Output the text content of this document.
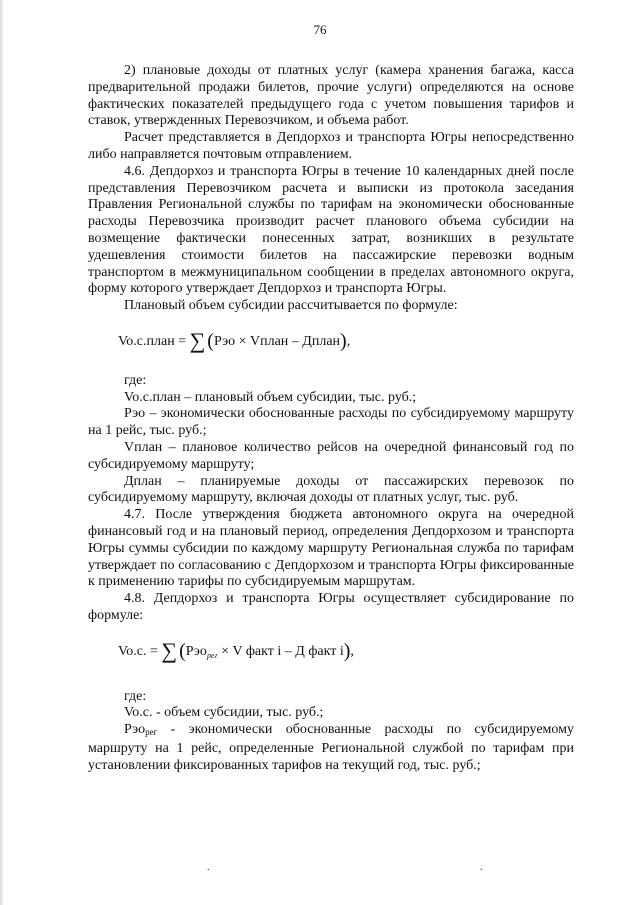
76

2) плановые доходы от платных услуг (камера хранения багажа, касса предварительной продажи билетов, прочие услуги) определяются на основе фактических показателей предыдущего года с учетом повышения тарифов и ставок, утвержденных Перевозчиком, и объема работ.

Расчет представляется в Депдорхоз и транспорта Югры непосредственно либо направляется почтовым отправлением.

4.6. Депдорхоз и транспорта Югры в течение 10 календарных дней после представления Перевозчиком расчета и выписки из протокола заседания Правления Региональной службы по тарифам на экономически обоснованные расходы Перевозчика производит расчет планового объема субсидии на возмещение фактически понесенных затрат, возникших в результате удешевления стоимости билетов на пассажирские перевозки водным транспортом в межмуниципальном сообщении в пределах автономного округа, форму которого утверждает Депдорхоз и транспорта Югры.

Плановый объем субсидии рассчитывается по формуле:

Vo.c.план = ∑ (Рэо × Vплан – Дплан),

где:

Vo.c.план – плановый объем субсидии, тыс. руб.;

Рэо – экономически обоснованные расходы по субсидируемому маршруту на 1 рейс, тыс. руб.;

Vплан – плановое количество рейсов на очередной финансовый год по субсидируемому маршруту;

Дплан – планируемые доходы от пассажирских перевозок по субсидируемому маршруту, включая доходы от платных услуг, тыс. руб.

4.7. После утверждения бюджета автономного округа на очередной финансовый год и на плановый период, определения Депдорхозом и транспорта Югры суммы субсидии по каждому маршруту Региональная служба по тарифам утверждает по согласованию с Депдорхозом и транспорта Югры фиксированные к применению тарифы по субсидируемым маршрутам.

4.8. Депдорхоз и транспорта Югры осуществляет субсидирование по формуле:

Vo.c. = ∑ (Рэо$_{рег}$ × V факт i – Д факт i),

где:

Vo.c. - объем субсидии, тыс. руб.;

Рэорег - экономически обоснованные расходы по субсидируемому маршруту на 1 рейс, определенные Региональной службой по тарифам при установлении фиксированных тарифов на текущий год, тыс. руб.;

.	.
